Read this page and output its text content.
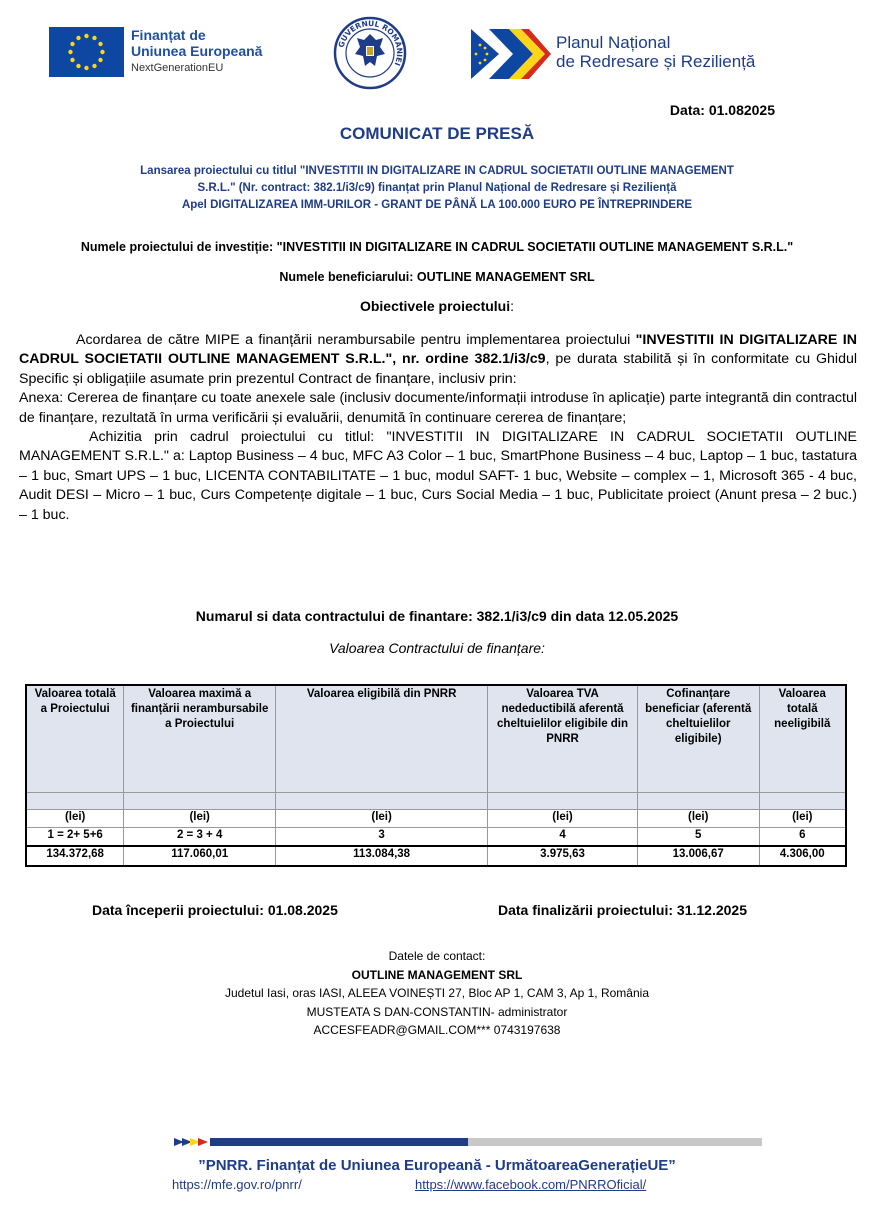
Finanțat de
Uniunea Europeană
NextGenerationEU
GUVERNUL ROMÂNIEI
Planul Național
de Redresare și Reziliență
Data: 01.082025
COMUNICAT DE PRESĂ
Lansarea proiectului cu titlul "INVESTITII IN DIGITALIZARE IN CADRUL SOCIETATII OUTLINE MANAGEMENT
S.R.L." (Nr. contract: 382.1/i3/c9) finanțat prin Planul Național de Redresare și Reziliență
Apel DIGITALIZAREA IMM-URILOR - GRANT DE PÂNĂ LA 100.000 EURO PE ÎNTREPRINDERE
Numele proiectului de investiție: "INVESTITII IN DIGITALIZARE IN CADRUL SOCIETATII OUTLINE MANAGEMENT S.R.L."
Numele beneficiarului: OUTLINE MANAGEMENT SRL
Obiectivele proiectului:

Acordarea de către MIPE a finanțării nerambursabile pentru implementarea proiectului "INVESTITII IN DIGITALIZARE IN CADRUL SOCIETATII OUTLINE MANAGEMENT S.R.L.", nr. ordine 382.1/i3/c9, pe durata stabilită și în conformitate cu Ghidul Specific și obligațiile asumate prin prezentul Contract de finanțare, inclusiv prin:

Anexa: Cererea de finanțare cu toate anexele sale (inclusiv documente/informații introduse în aplicație) parte integrantă din contractul de finanțare, rezultată în urma verificării și evaluării, denumită în continuare cererea de finanțare;

Achizitia prin cadrul proiectului cu titlul: "INVESTITII IN DIGITALIZARE IN CADRUL SOCIETATII OUTLINE MANAGEMENT S.R.L." a: Laptop Business – 4 buc, MFC A3 Color – 1 buc, SmartPhone Business – 4 buc, Laptop – 1 buc, tastatura – 1 buc, Smart UPS – 1 buc, LICENTA CONTABILITATE – 1 buc, modul SAFT- 1 buc, Website – complex – 1, Microsoft 365 - 4 buc, Audit DESI – Micro – 1 buc, Curs Competențe digitale – 1 buc, Curs Social Media – 1 buc, Publicitate proiect (Anunt presa – 2 buc.) – 1 buc.

Numarul si data contractului de finantare: 382.1/i3/c9 din data 12.05.2025
Valoarea Contractului de finanțare:
Valoarea totală a Proiectului	Valoarea maximă a finanțării nerambursabile a Proiectului	Valoarea eligibilă din PNRR	Valoarea TVA nedeductibilă aferentă cheltuielilor eligibile din PNRR	Cofinanțare beneficiar (aferentă cheltuielilor eligibile)	Valoarea totală neeligibilă

(lei)	(lei)	(lei)	(lei)	(lei)	(lei)
1 = 2+ 5+6	2 = 3 + 4	3	4	5	6
134.372,68	117.060,01	113.084,38	3.975,63	13.006,67	4.306,00
Data începerii proiectului: 01.08.2025	Data finalizării proiectului: 31.12.2025
Datele de contact:
OUTLINE MANAGEMENT SRL
Judetul Iasi, oras IASI, ALEEA VOINEȘTI 27, Bloc AP 1, CAM 3, Ap 1, România
MUSTEATA S DAN-CONSTANTIN- administrator
ACCESFEADR@GMAIL.COM*** 0743197638
”PNRR. Finanțat de Uniunea Europeană - UrmătoareaGenerațieUE”
https://mfe.gov.ro/pnrr/	https://www.facebook.com/PNRROficial/
